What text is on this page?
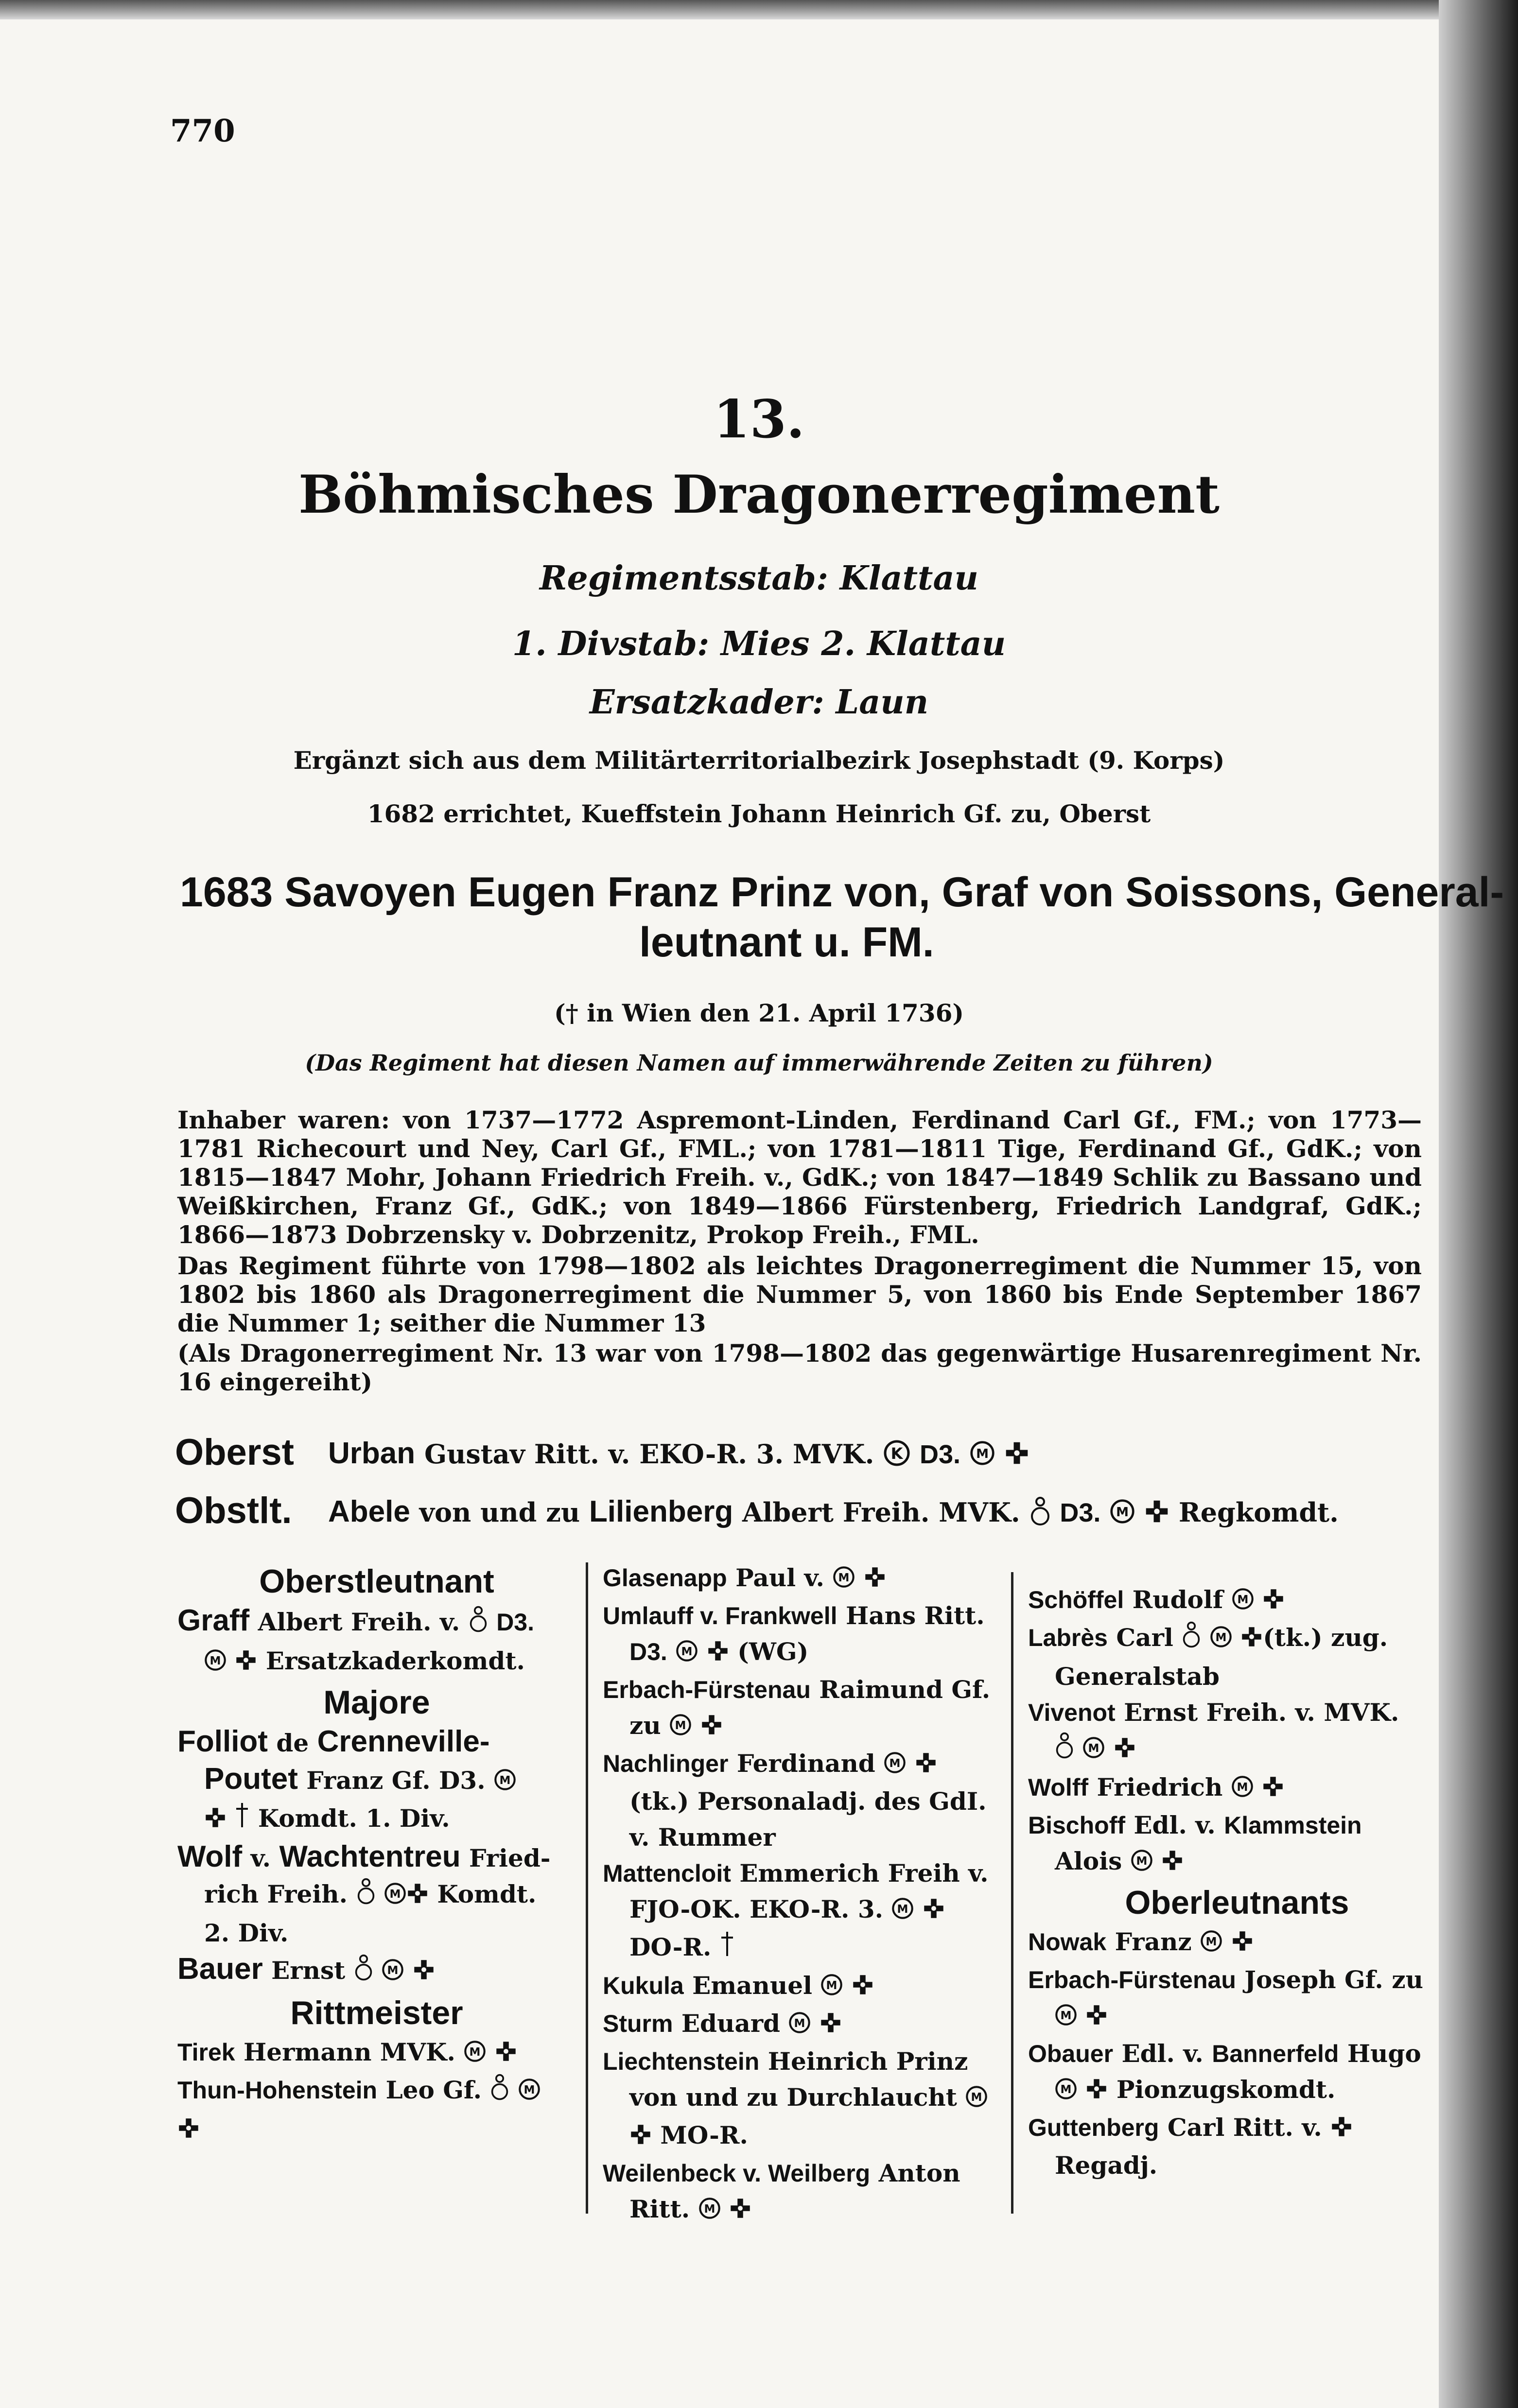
770
13.
Böhmisches Dragonerregiment
Regimentsstab: Klattau
1. Divstab: Mies 2. Klattau
Ersatzkader: Laun
Ergänzt sich aus dem Militärterritorialbezirk Josephstadt (9. Korps)
1682 errichtet, Kueffstein Johann Heinrich Gf. zu, Oberst
1683 Savoyen Eugen Franz Prinz von, Graf von Soissons, General-
leutnant u. FM.
(† in Wien den 21. April 1736)
(Das Regiment hat diesen Namen auf immerwährende Zeiten zu führen)
Inhaber waren: von 1737—1772 Aspremont-Linden, Ferdinand Carl Gf., FM.; von 1773—1781 Richecourt und Ney, Carl Gf., FML.; von 1781—1811 Tige, Ferdinand Gf., GdK.; von 1815—1847 Mohr, Johann Friedrich Freih. v., GdK.; von 1847—1849 Schlik zu Bassano und Weißkirchen, Franz Gf., GdK.; von 1849—1866 Fürstenberg, Friedrich Landgraf, GdK.; 1866—1873 Dobrzensky v. Dobrzenitz, Prokop Freih., FML.
Das Regiment führte von 1798—1802 als leichtes Dragonerregiment die Nummer 15, von 1802 bis 1860 als Dragonerregiment die Nummer 5, von 1860 bis Ende September 1867 die Nummer 1; seither die Nummer 13
(Als Dragonerregiment Nr. 13 war von 1798—1802 das gegenwärtige Husarenregiment Nr. 16 eingereiht)
Oberst Urban Gustav Ritt. v. EKO-R. 3. MVK. K D3. M

Obstlt. Abele von und zu Lilienberg Albert Freih. MVK. D3. M Regkomdt.
Oberstleutnant
Graff Albert Freih. v. D3.
M Ersatzkaderkomdt.
Majore
Folliot de Crenneville-
Poutet Franz Gf. D3. M
Komdt. 1. Div.
Wolf v. Wachtentreu Fried-
rich Freih.	M Komdt.
2. Div.
Bauer Ernst	M

Rittmeister
Tirek Hermann MVK. M

Thun-Hohenstein Leo Gf.	M
Glasenapp Paul v. M

Umlauff v. Frankwell Hans Ritt.
D3. M (WG)
Erbach-Fürstenau Raimund Gf.
zu M

Nachlinger Ferdinand M

(tk.) Personaladj. des GdI.
v. Rummer
Mattencloit Emmerich Freih v.
FJO-OK. EKO-R. 3. M

DO-R.
Kukula Emanuel M

Sturm Eduard M

Liechtenstein Heinrich Prinz
von und zu Durchlaucht M
MO-R.
Weilenbeck v. Weilberg Anton
Ritt. M

Schöffel Rudolf M

Labrès Carl	M (tk.) zug.
Generalstab
Vivenot Ernst Freih. v. MVK.

M

Wolff Friedrich M

Bischoff Edl. v. Klammstein
Alois M

Oberleutnants
Nowak Franz M

Erbach-Fürstenau Joseph Gf. zu
M

Obauer Edl. v. Bannerfeld Hugo
M Pionzugskomdt.
Guttenberg Carl Ritt. v.
Regadj.
